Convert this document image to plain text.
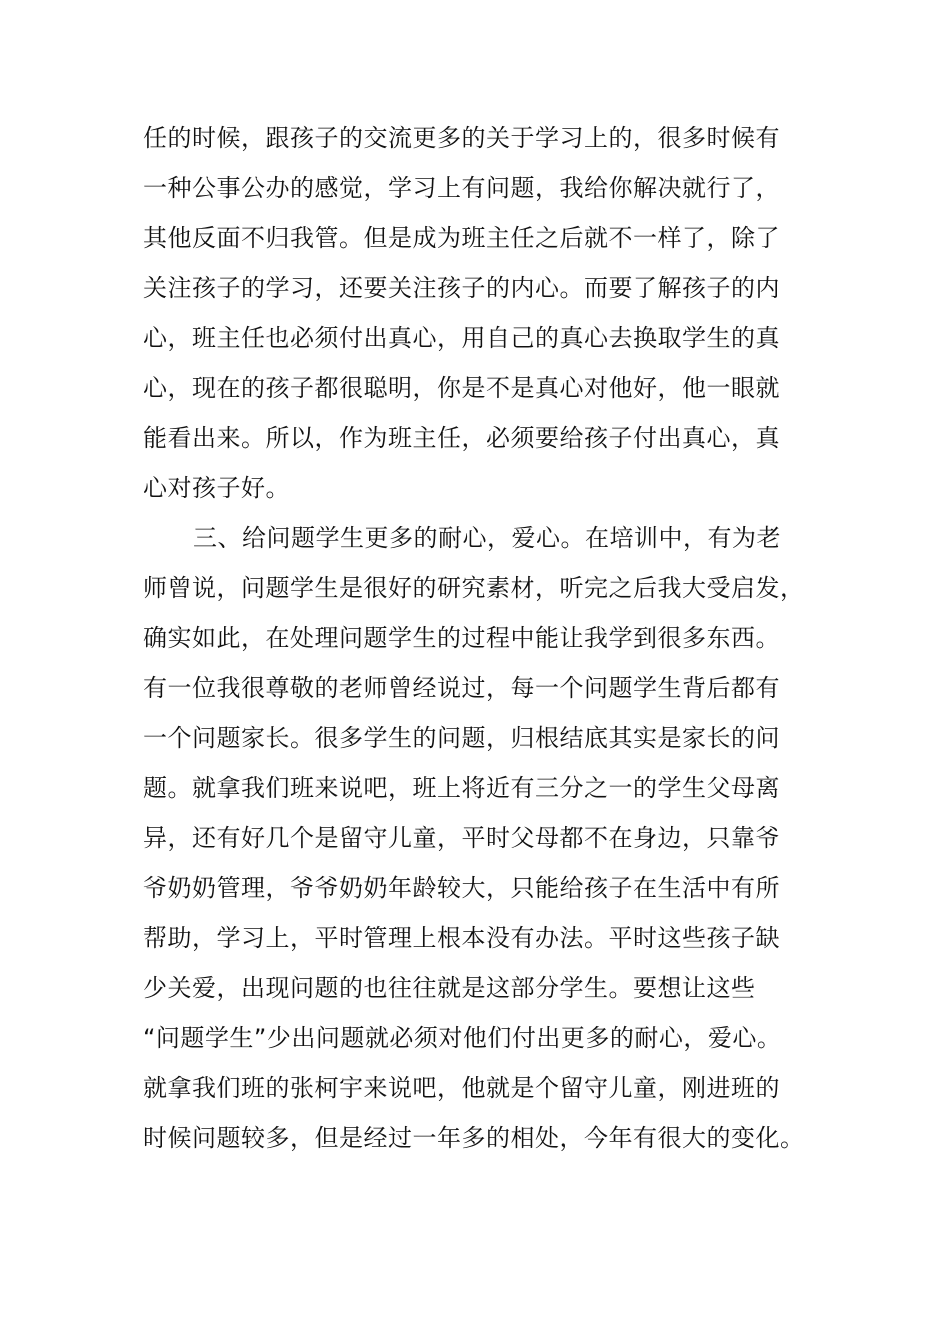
任的时候，跟孩子的交流更多的关于学习上的，很多时候有
一种公事公办的感觉，学习上有问题，我给你解决就行了，
其他反面不归我管。但是成为班主任之后就不一样了，除了
关注孩子的学习，还要关注孩子的内心。而要了解孩子的内
心，班主任也必须付出真心，用自己的真心去换取学生的真
心，现在的孩子都很聪明，你是不是真心对他好，他一眼就
能看出来。所以，作为班主任，必须要给孩子付出真心，真
心对孩子好。
三、给问题学生更多的耐心，爱心。在培训中，有为老
师曾说，问题学生是很好的研究素材，听完之后我大受启发，
确实如此，在处理问题学生的过程中能让我学到很多东西。
有一位我很尊敬的老师曾经说过，每一个问题学生背后都有
一个问题家长。很多学生的问题，归根结底其实是家长的问
题。就拿我们班来说吧，班上将近有三分之一的学生父母离
异，还有好几个是留守儿童，平时父母都不在身边，只靠爷
爷奶奶管理，爷爷奶奶年龄较大，只能给孩子在生活中有所
帮助，学习上，平时管理上根本没有办法。平时这些孩子缺
少关爱，出现问题的也往往就是这部分学生。要想让这些
“问题学生”少出问题就必须对他们付出更多的耐心，爱心。
就拿我们班的张柯宇来说吧，他就是个留守儿童，刚进班的
时候问题较多，但是经过一年多的相处，今年有很大的变化。
